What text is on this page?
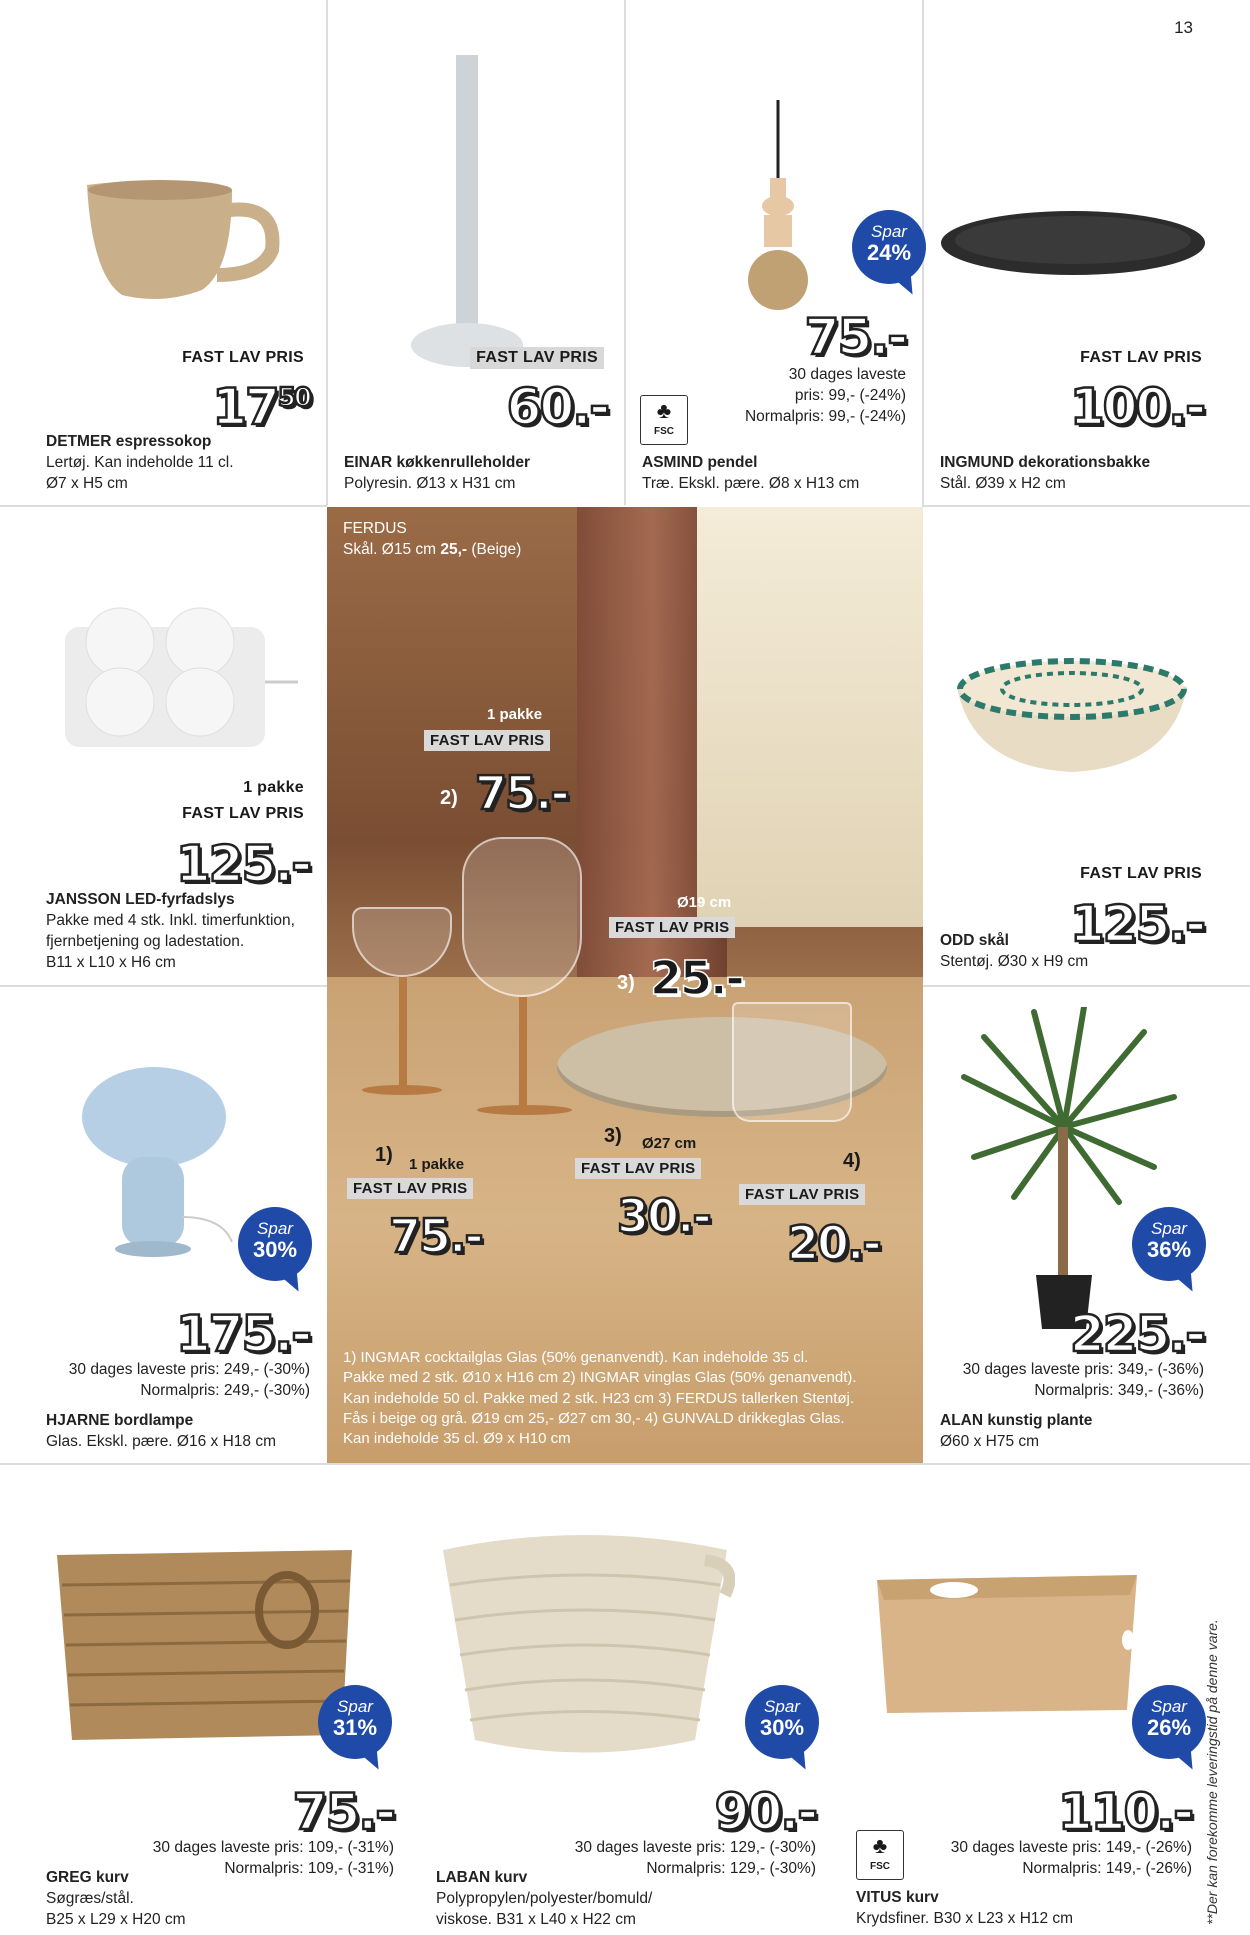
13
FAST LAV PRIS
$17^{50}$
DETMER espressokop
Lertøj. Kan indeholde 11 cl.
Ø7 x H5 cm
FAST LAV PRIS
60.-
EINAR køkkenrulleholder
Polyresin. Ø13 x H31 cm
Spar
24%
75.-
30 dages laveste
pris: 99,- (-24%)
Normalpris: 99,- (-24%)
♣
FSC
ASMIND pendel
Træ. Ekskl. pære. Ø8 x H13 cm
FAST LAV PRIS
100.-
INGMUND dekorationsbakke
Stål. Ø39 x H2 cm
1 pakke
FAST LAV PRIS
125.-
JANSSON LED-fyrfadslys
Pakke med 4 stk. Inkl. timerfunktion,
fjernbetjening og ladestation.
B11 x L10 x H6 cm
FERDUS
Skål. Ø15 cm 25,- (Beige)
1 pakke
FAST LAV PRIS
2) 75.-
Ø19 cm
FAST LAV PRIS
3) 25.-
1) 1 pakke
FAST LAV PRIS
75.-
3) Ø27 cm
FAST LAV PRIS
30.-
4)
FAST LAV PRIS
20.-
1) INGMAR cocktailglas Glas (50% genanvendt). Kan indeholde 35 cl.
Pakke med 2 stk. Ø10 x H16 cm 2) INGMAR vinglas Glas (50% genanvendt).
Kan indeholde 50 cl. Pakke med 2 stk. H23 cm 3) FERDUS tallerken Stentøj.
Fås i beige og grå. Ø19 cm 25,- Ø27 cm 30,- 4) GUNVALD drikkeglas Glas.
Kan indeholde 35 cl. Ø9 x H10 cm
FAST LAV PRIS
125.-
ODD skål
Stentøj. Ø30 x H9 cm
Spar
30%
175.-
30 dages laveste pris: 249,- (-30%)
Normalpris: 249,- (-30%)
HJARNE bordlampe
Glas. Ekskl. pære. Ø16 x H18 cm
Spar
36%
225.-
30 dages laveste pris: 349,- (-36%)
Normalpris: 349,- (-36%)
ALAN kunstig plante
Ø60 x H75 cm
Spar
31%
75.-
30 dages laveste pris: 109,- (-31%)
Normalpris: 109,- (-31%)
GREG kurv
Søgræs/stål.
B25 x L29 x H20 cm
Spar
30%
90.-
30 dages laveste pris: 129,- (-30%)
Normalpris: 129,- (-30%)
LABAN kurv
Polypropylen/polyester/bomuld/
viskose. B31 x L40 x H22 cm
Spar
26%
110.-
30 dages laveste pris: 149,- (-26%)
Normalpris: 149,- (-26%)
♣
FSC
VITUS kurv
Krydsfiner. B30 x L23 x H12 cm	**Der kan forekomme leveringstid på denne vare.
